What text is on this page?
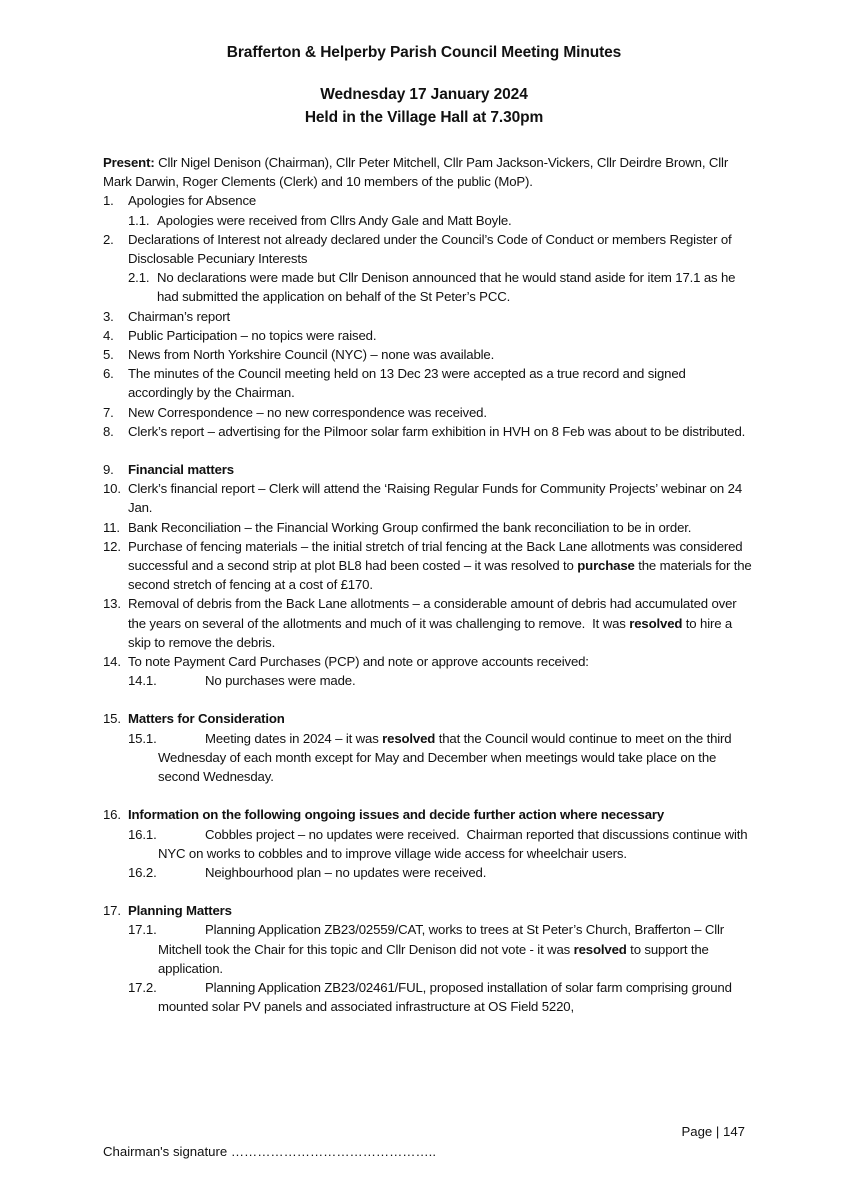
Brafferton & Helperby Parish Council Meeting Minutes
Wednesday 17 January 2024
Held in the Village Hall at 7.30pm

Present: Cllr Nigel Denison (Chairman), Cllr Peter Mitchell, Cllr Pam Jackson-Vickers, Cllr Deirdre Brown, Cllr Mark Darwin, Roger Clements (Clerk) and 10 members of the public (MoP).

1. Apologies for Absence

1.1. Apologies were received from Cllrs Andy Gale and Matt Boyle.

2. Declarations of Interest not already declared under the Council’s Code of Conduct or members Register of Disclosable Pecuniary Interests

2.1. No declarations were made but Cllr Denison announced that he would stand aside for item 17.1 as he had submitted the application on behalf of the St Peter’s PCC.

3. Chairman’s report

4. Public Participation – no topics were raised.

5. News from North Yorkshire Council (NYC) – none was available.

6. The minutes of the Council meeting held on 13 Dec 23 were accepted as a true record and signed accordingly by the Chairman.

7. New Correspondence – no new correspondence was received.

8. Clerk’s report – advertising for the Pilmoor solar farm exhibition in HVH on 8 Feb was about to be distributed.

9. Financial matters

10. Clerk’s financial report – Clerk will attend the ‘Raising Regular Funds for Community Projects’ webinar on 24 Jan.

11. Bank Reconciliation – the Financial Working Group confirmed the bank reconciliation to be in order.

12. Purchase of fencing materials – the initial stretch of trial fencing at the Back Lane allotments was considered successful and a second strip at plot BL8 had been costed – it was resolved to purchase the materials for the second stretch of fencing at a cost of £170.

13. Removal of debris from the Back Lane allotments – a considerable amount of debris had accumulated over the years on several of the allotments and much of it was challenging to remove.  It was resolved to hire a skip to remove the debris.

14. To note Payment Card Purchases (PCP) and note or approve accounts received:

14.1.	No purchases were made.

15. Matters for Consideration

15.1.	Meeting dates in 2024 – it was resolved that the Council would continue to meet on the third Wednesday of each month except for May and December when meetings would take place on the second Wednesday.

16. Information on the following ongoing issues and decide further action where necessary

16.1.	Cobbles project – no updates were received.  Chairman reported that discussions continue with NYC on works to cobbles and to improve village wide access for wheelchair users.

16.2.	Neighbourhood plan – no updates were received.

17. Planning Matters

17.1.	Planning Application ZB23/02559/CAT, works to trees at St Peter’s Church, Brafferton – Cllr Mitchell took the Chair for this topic and Cllr Denison did not vote - it was resolved to support the application.

17.2.	Planning Application ZB23/02461/FUL, proposed installation of solar farm comprising ground mounted solar PV panels and associated infrastructure at OS Field 5220,

Page | 147
Chairman's signature ………………………………………..
